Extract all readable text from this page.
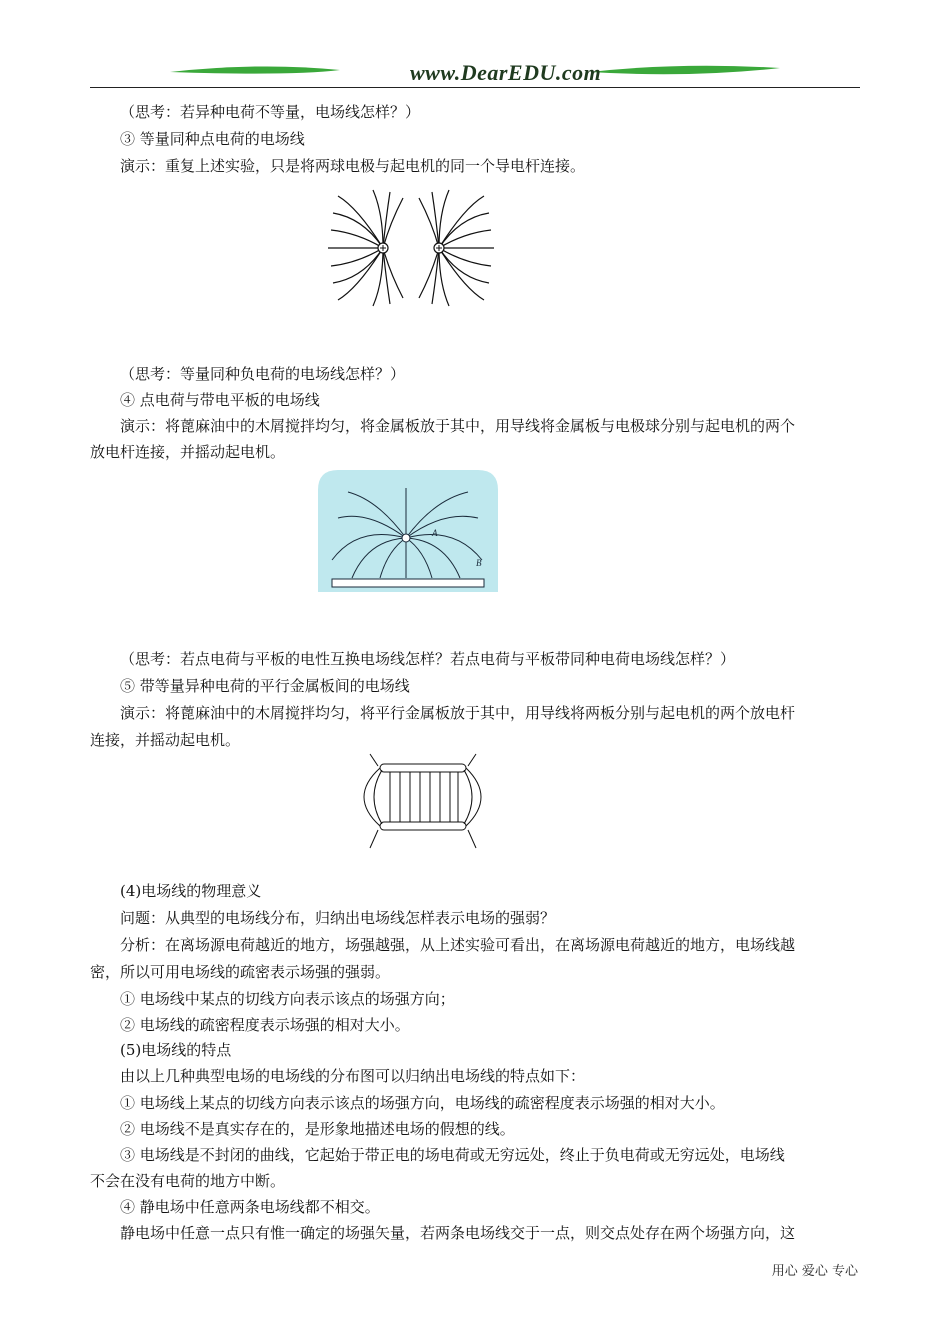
www.DearEDU.com
（思考：若异种电荷不等量，电场线怎样？）
③ 等量同种点电荷的电场线
演示：重复上述实验，只是将两球电极与起电机的同一个导电杆连接。
（思考：等量同种负电荷的电场线怎样？）
④ 点电荷与带电平板的电场线
演示：将蓖麻油中的木屑搅拌均匀，将金属板放于其中，用导线将金属板与电极球分别与起电机的两个
放电杆连接，并摇动起电机。
A
B
（思考：若点电荷与平板的电性互换电场线怎样？若点电荷与平板带同种电荷电场线怎样？）
⑤ 带等量异种电荷的平行金属板间的电场线
演示：将蓖麻油中的木屑搅拌均匀，将平行金属板放于其中，用导线将两板分别与起电机的两个放电杆
连接，并摇动起电机。
(4)电场线的物理意义
问题：从典型的电场线分布，归纳出电场线怎样表示电场的强弱？
分析：在离场源电荷越近的地方，场强越强，从上述实验可看出，在离场源电荷越近的地方，电场线越
密，所以可用电场线的疏密表示场强的强弱。
① 电场线中某点的切线方向表示该点的场强方向；
② 电场线的疏密程度表示场强的相对大小。
(5)电场线的特点
由以上几种典型电场的电场线的分布图可以归纳出电场线的特点如下：
① 电场线上某点的切线方向表示该点的场强方向，电场线的疏密程度表示场强的相对大小。
② 电场线不是真实存在的，是形象地描述电场的假想的线。
③ 电场线是不封闭的曲线，它起始于带正电的场电荷或无穷远处，终止于负电荷或无穷远处，电场线
不会在没有电荷的地方中断。
④ 静电场中任意两条电场线都不相交。
静电场中任意一点只有惟一确定的场强矢量，若两条电场线交于一点，则交点处存在两个场强方向，这
用心 爱心 专心
